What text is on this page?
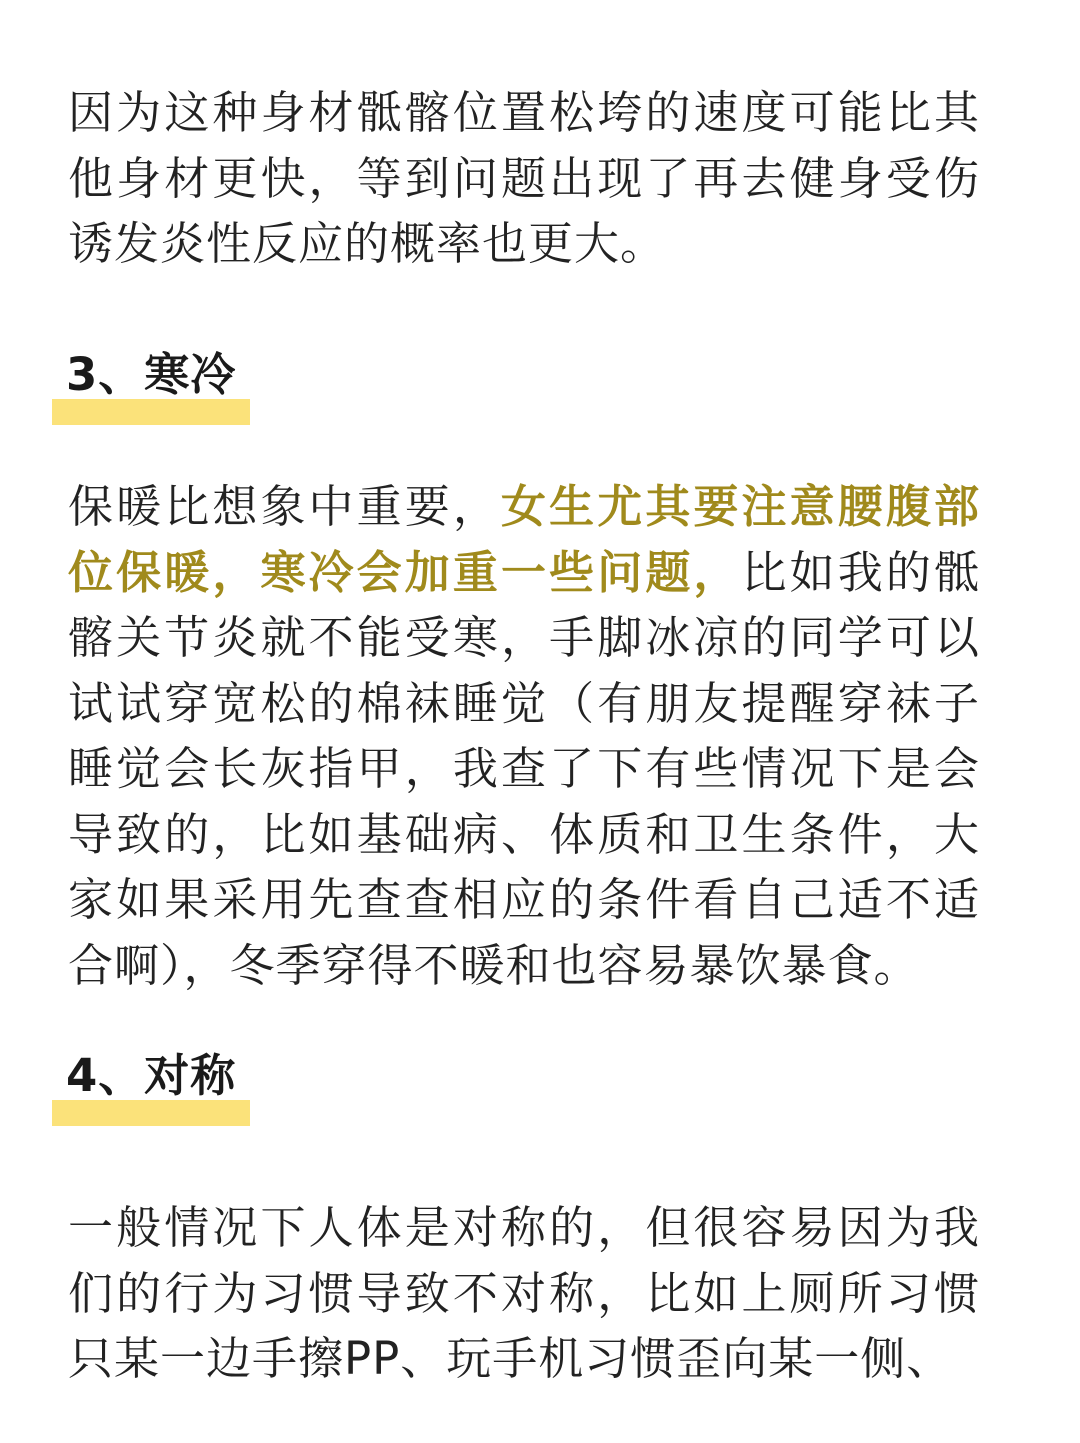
因为这种身材骶髂位置松垮的速度可能比其他身材更快，等到问题出现了再去健身受伤诱发炎性反应的概率也更大。

3、寒冷

保暖比想象中重要，女生尤其要注意腰腹部位保暖，寒冷会加重一些问题，比如我的骶髂关节炎就不能受寒，手脚冰凉的同学可以试试穿宽松的棉袜睡觉（有朋友提醒穿袜子睡觉会长灰指甲，我查了下有些情况下是会导致的，比如基础病、体质和卫生条件，大家如果采用先查查相应的条件看自己适不适合啊），冬季穿得不暖和也容易暴饮暴食。

4、对称

一般情况下人体是对称的，但很容易因为我们的行为习惯导致不对称，比如上厕所习惯只某一边手擦PP、玩手机习惯歪向某一侧、
